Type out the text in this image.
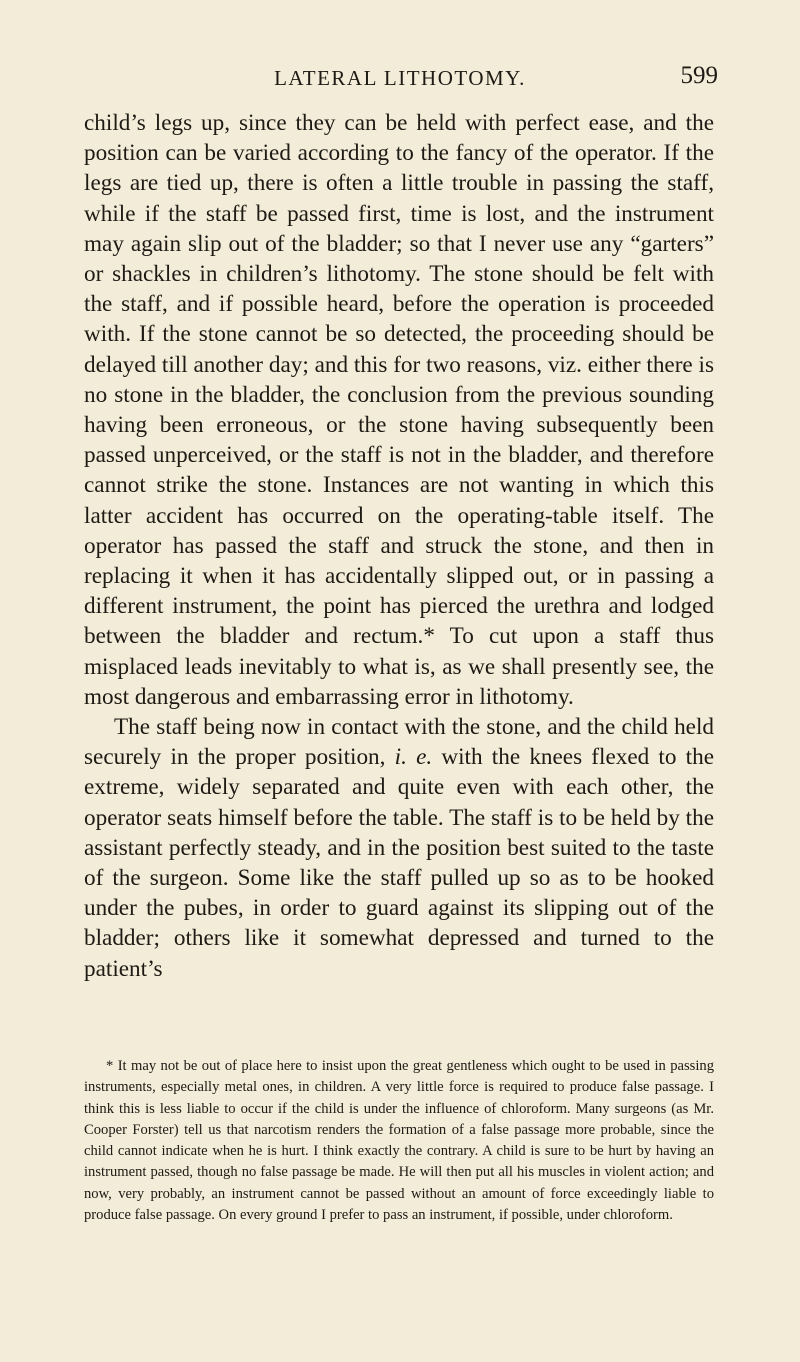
LATERAL LITHOTOMY.	599

child’s legs up, since they can be held with perfect ease, and the position can be varied according to the fancy of the operator. If the legs are tied up, there is often a little trouble in passing the staff, while if the staff be passed first, time is lost, and the instrument may again slip out of the bladder; so that I never use any “garters” or shackles in children’s lithotomy. The stone should be felt with the staff, and if possible heard, before the operation is proceeded with. If the stone cannot be so detected, the proceeding should be delayed till another day; and this for two reasons, viz. either there is no stone in the bladder, the conclusion from the previous sounding having been erroneous, or the stone having subsequently been passed unperceived, or the staff is not in the bladder, and therefore cannot strike the stone. Instances are not wanting in which this latter accident has occurred on the operating-table itself. The operator has passed the staff and struck the stone, and then in replacing it when it has accidentally slipped out, or in passing a different instrument, the point has pierced the urethra and lodged between the bladder and rectum.* To cut upon a staff thus misplaced leads inevitably to what is, as we shall presently see, the most dangerous and embarrassing error in lithotomy.

The staff being now in contact with the stone, and the child held securely in the proper position, i. e. with the knees flexed to the extreme, widely separated and quite even with each other, the operator seats himself before the table. The staff is to be held by the assistant perfectly steady, and in the position best suited to the taste of the surgeon. Some like the staff pulled up so as to be hooked under the pubes, in order to guard against its slipping out of the bladder; others like it somewhat depressed and turned to the patient’s

* It may not be out of place here to insist upon the great gentleness which ought to be used in passing instruments, especially metal ones, in children. A very little force is required to produce false passage. I think this is less liable to occur if the child is under the influence of chloroform. Many surgeons (as Mr. Cooper Forster) tell us that narcotism renders the formation of a false passage more probable, since the child cannot indicate when he is hurt. I think exactly the contrary. A child is sure to be hurt by having an instrument passed, though no false passage be made. He will then put all his muscles in violent action; and now, very probably, an instrument cannot be passed without an amount of force exceedingly liable to produce false passage. On every ground I prefer to pass an instrument, if possible, under chloroform.
